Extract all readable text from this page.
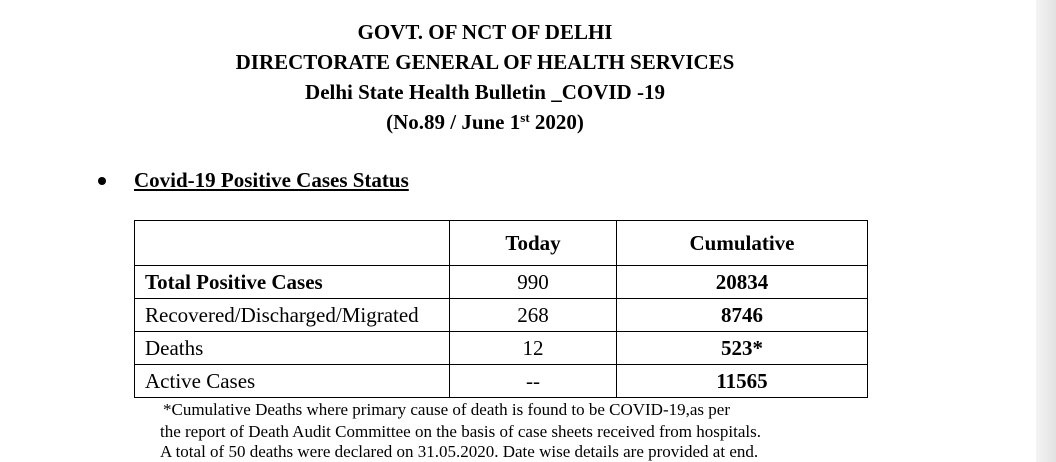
GOVT. OF NCT OF DELHI
DIRECTORATE GENERAL OF HEALTH SERVICES
Delhi State Health Bulletin _COVID -19
(No.89 / June 1st 2020)
Covid-19 Positive Cases Status
	Today	Cumulative
Total Positive Cases	990	20834
Recovered/Discharged/Migrated	268	8746
Deaths	12	523*
Active Cases	--	11565
*Cumulative Deaths where primary cause of death is found to be COVID-19,as per
the report of Death Audit Committee on the basis of case sheets received from hospitals.
A total of 50 deaths were declared on 31.05.2020. Date wise details are provided at end.
